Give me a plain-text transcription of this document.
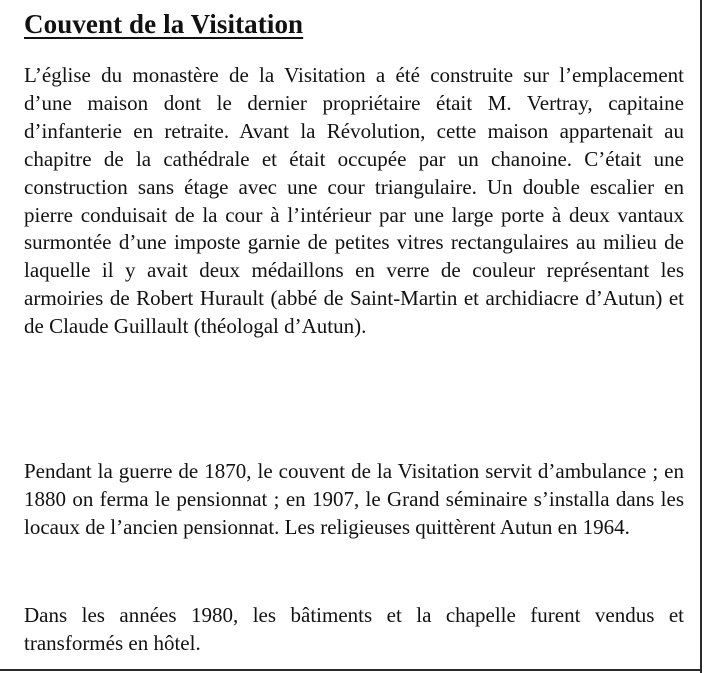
Couvent de la Visitation

L’église du monastère de la Visitation a été construite sur l’emplacement d’une maison dont le dernier propriétaire était M. Vertray, capitaine d’infanterie en retraite. Avant la Révolution, cette maison appartenait au chapitre de la cathédrale et était occupée par un chanoine. C’était une construction sans étage avec une cour triangulaire. Un double escalier en pierre conduisait de la cour à l’intérieur par une large porte à deux vantaux surmontée d’une imposte garnie de petites vitres rectangulaires au milieu de laquelle il y avait deux médaillons en verre de couleur représentant les armoiries de Robert Hurault (abbé de Saint-Martin et archidiacre d’Autun) et de Claude Guillault (théologal d’Autun).

Pendant la guerre de 1870, le couvent de la Visitation servit d’ambulance ; en 1880 on ferma le pensionnat ; en 1907, le Grand séminaire s’installa dans les locaux de l’ancien pensionnat. Les religieuses quittèrent Autun en 1964.

Dans les années 1980, les bâtiments et la chapelle furent vendus et transformés en hôtel.
